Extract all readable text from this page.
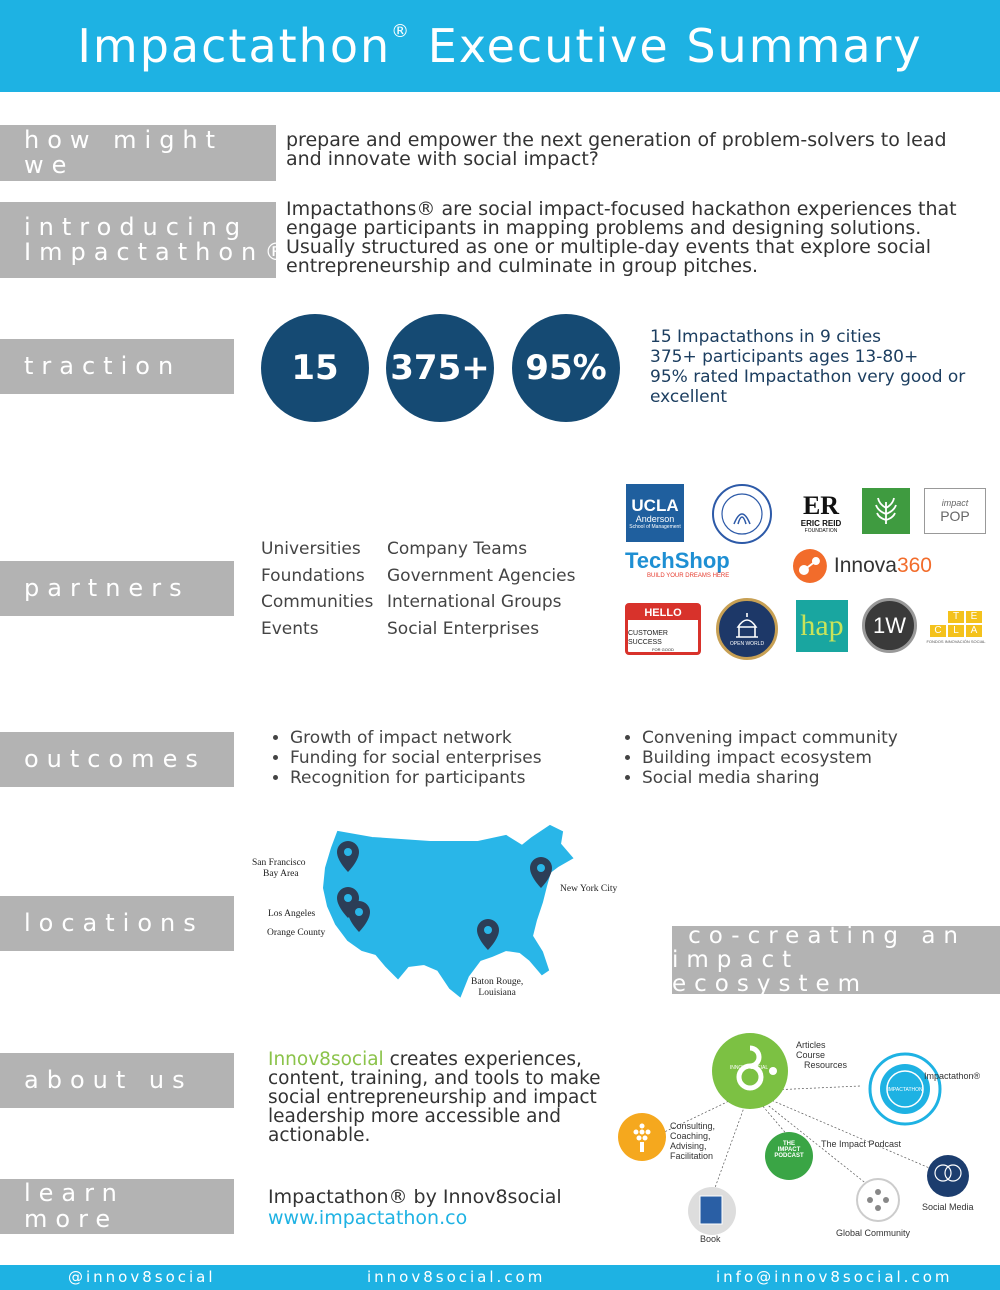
Impactathon® Executive Summary
how might we
prepare and empower the next generation of problem-solvers to lead and innovate with social impact?
introducing
Impactathon®
Impactathons® are social impact-focused hackathon experiences that engage participants in mapping problems and designing solutions. Usually structured as one or multiple-day events that explore social entrepreneurship and culminate in group pitches.
traction	15 375+ 95%
15 Impactathons in 9 cities
375+ participants ages 13-80+
95% rated Impactathon very good or excellent
partners
Universities
Foundations
Communities
Events
Company Teams
Government Agencies
International Groups
Social Enterprises
UCLA
Anderson
School of Management
ER
ERIC REID
FOUNDATION
impact
POP
TechShop
BUILD YOUR DREAMS HERE	Innova 360
HELLO
CUSTOMER SUCCESS
FOR GOOD
OPEN WORLD
hap 1W	T	E
C	L	A
FONDOS INNOVACIÓN SOCIAL
outcomes
• Growth of impact network
• Funding for social enterprises
• Recognition for participants
• Convening impact community
• Building impact ecosystem
• Social media sharing
locations
San Francisco
Bay Area
Los Angeles
Orange County
New York City
Baton Rouge,
Louisiana
co-creating an
impact ecosystem
INNOV8 SOCIAL
IMPACTATHON
THE IMPACT PODCAST
Articles
Course
Resources
Impactathon®
Consulting,
Coaching,
Advising,
Facilitation
The Impact Podcast
Social Media
Global Community
Book
about us
Innov8social creates experiences, content, training, and tools to make social entrepreneurship and impact leadership more accessible and actionable.
learn more
Impactathon® by Innov8social
www.impactathon.co
@innov8social	innov8social.com	info@innov8social.com
